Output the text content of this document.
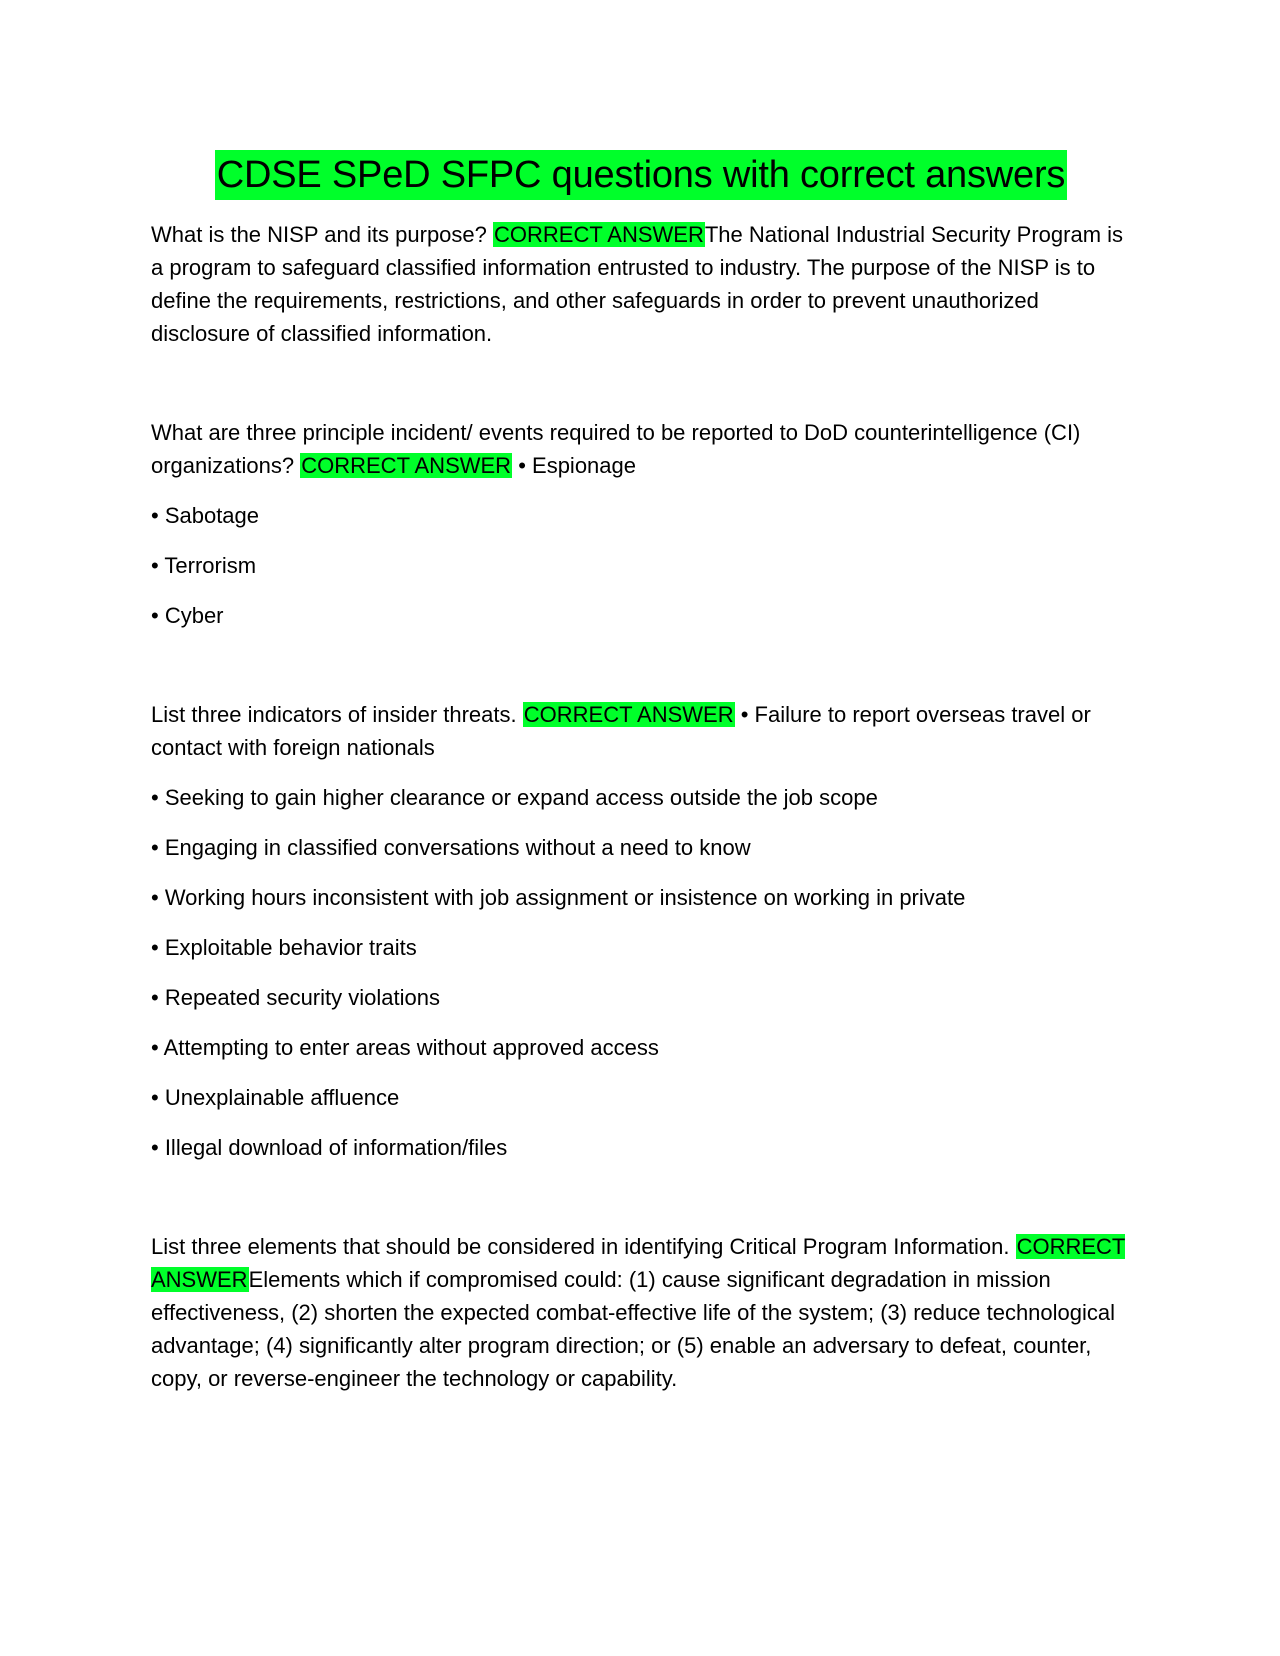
CDSE SPeD SFPC questions with correct answers

What is the NISP and its purpose? CORRECT ANSWERThe National Industrial Security Program is a program to safeguard classified information entrusted to industry. The purpose of the NISP is to define the requirements, restrictions, and other safeguards in order to prevent unauthorized disclosure of classified information.

What are three principle incident/ events required to be reported to DoD counterintelligence (CI) organizations? CORRECT ANSWER • Espionage

• Sabotage

• Terrorism

• Cyber

List three indicators of insider threats. CORRECT ANSWER • Failure to report overseas travel or contact with foreign nationals

• Seeking to gain higher clearance or expand access outside the job scope

• Engaging in classified conversations without a need to know

• Working hours inconsistent with job assignment or insistence on working in private

• Exploitable behavior traits

• Repeated security violations

• Attempting to enter areas without approved access

• Unexplainable affluence

• Illegal download of information/files

List three elements that should be considered in identifying Critical Program Information. CORRECT ANSWERElements which if compromised could: (1) cause significant degradation in mission effectiveness, (2) shorten the expected combat-effective life of the system; (3) reduce technological advantage; (4) significantly alter program direction; or (5) enable an adversary to defeat, counter, copy, or reverse-engineer the technology or capability.
